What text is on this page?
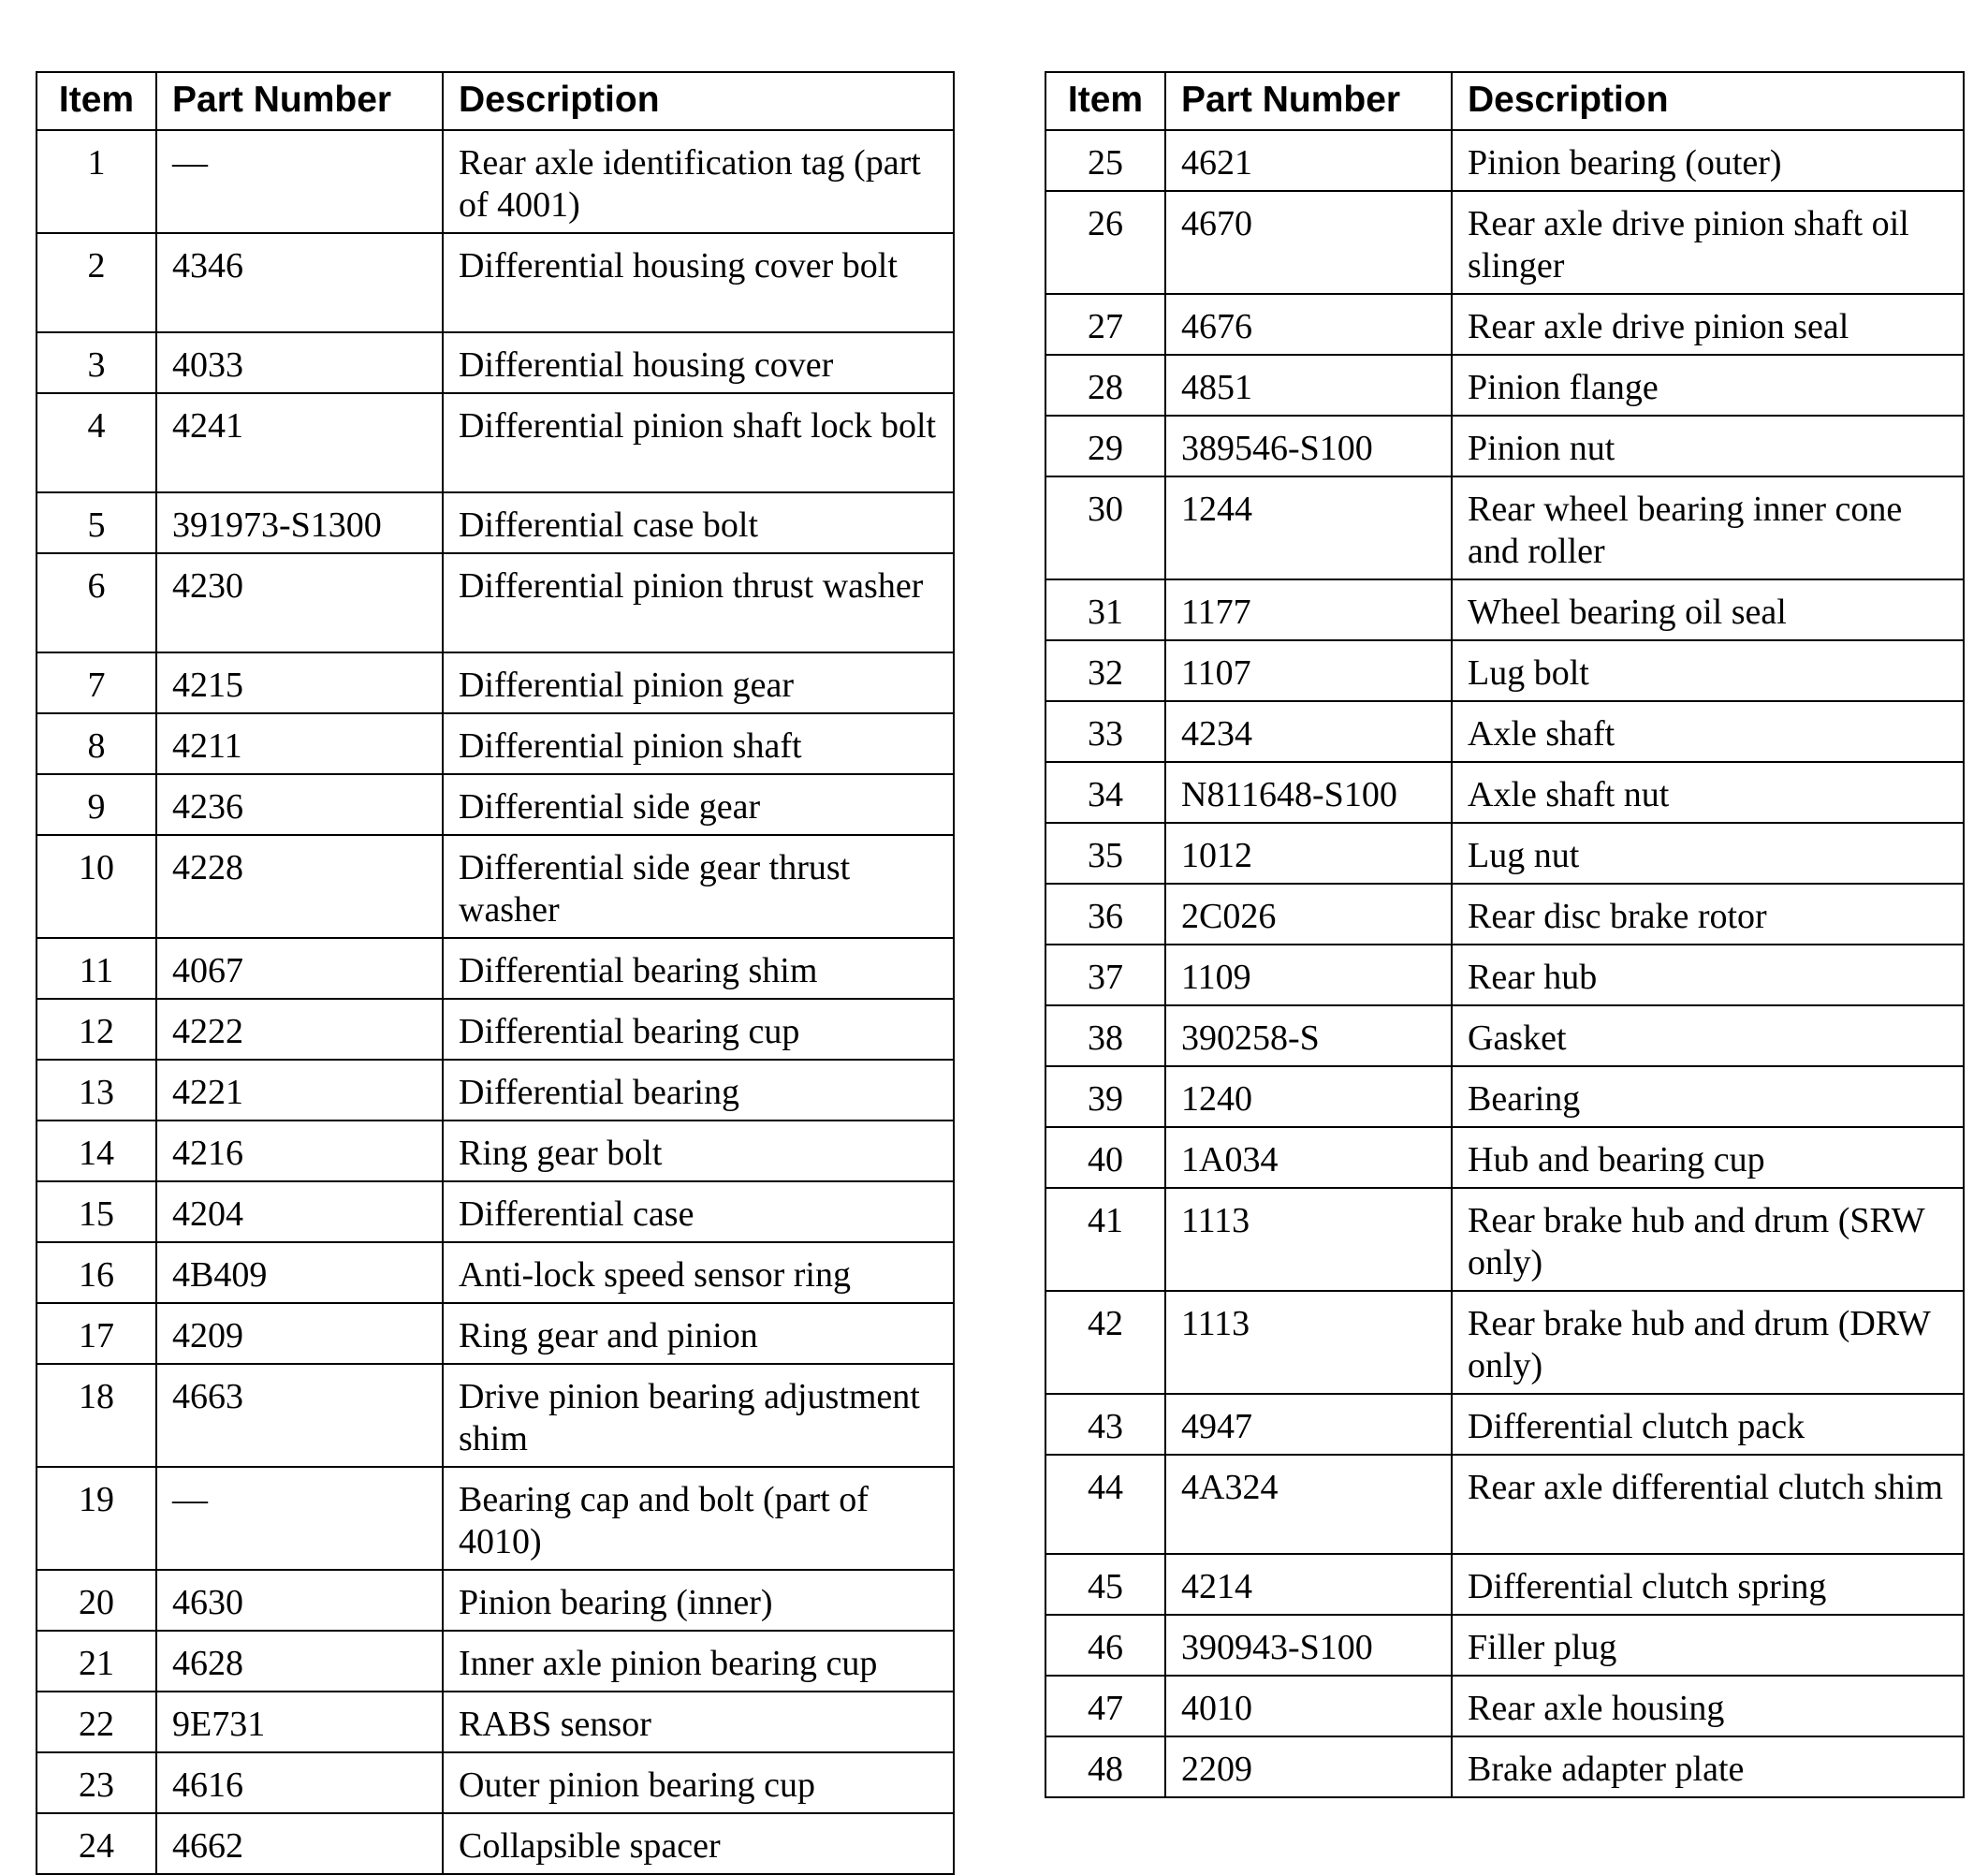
Item	Part Number	Description
1	—	Rear axle identification tag (part of 4001)
2	4346	Differential housing cover bolt
3	4033	Differential housing cover
4	4241	Differential pinion shaft lock bolt
5	391973-S1300	Differential case bolt
6	4230	Differential pinion thrust washer
7	4215	Differential pinion gear
8	4211	Differential pinion shaft
9	4236	Differential side gear
10	4228	Differential side gear thrust washer
11	4067	Differential bearing shim
12	4222	Differential bearing cup
13	4221	Differential bearing
14	4216	Ring gear bolt
15	4204	Differential case
16	4B409	Anti-lock speed sensor ring
17	4209	Ring gear and pinion
18	4663	Drive pinion bearing adjustment shim
19	—	Bearing cap and bolt (part of 4010)
20	4630	Pinion bearing (inner)
21	4628	Inner axle pinion bearing cup
22	9E731	RABS sensor
23	4616	Outer pinion bearing cup
24	4662	Collapsible spacer
Item	Part Number	Description
25	4621	Pinion bearing (outer)
26	4670	Rear axle drive pinion shaft oil slinger
27	4676	Rear axle drive pinion seal
28	4851	Pinion flange
29	389546-S100	Pinion nut
30	1244	Rear wheel bearing inner cone and roller
31	1177	Wheel bearing oil seal
32	1107	Lug bolt
33	4234	Axle shaft
34	N811648-S100	Axle shaft nut
35	1012	Lug nut
36	2C026	Rear disc brake rotor
37	1109	Rear hub
38	390258-S	Gasket
39	1240	Bearing
40	1A034	Hub and bearing cup
41	1113	Rear brake hub and drum (SRW only)
42	1113	Rear brake hub and drum (DRW only)
43	4947	Differential clutch pack
44	4A324	Rear axle differential clutch shim
45	4214	Differential clutch spring
46	390943-S100	Filler plug
47	4010	Rear axle housing
48	2209	Brake adapter plate
